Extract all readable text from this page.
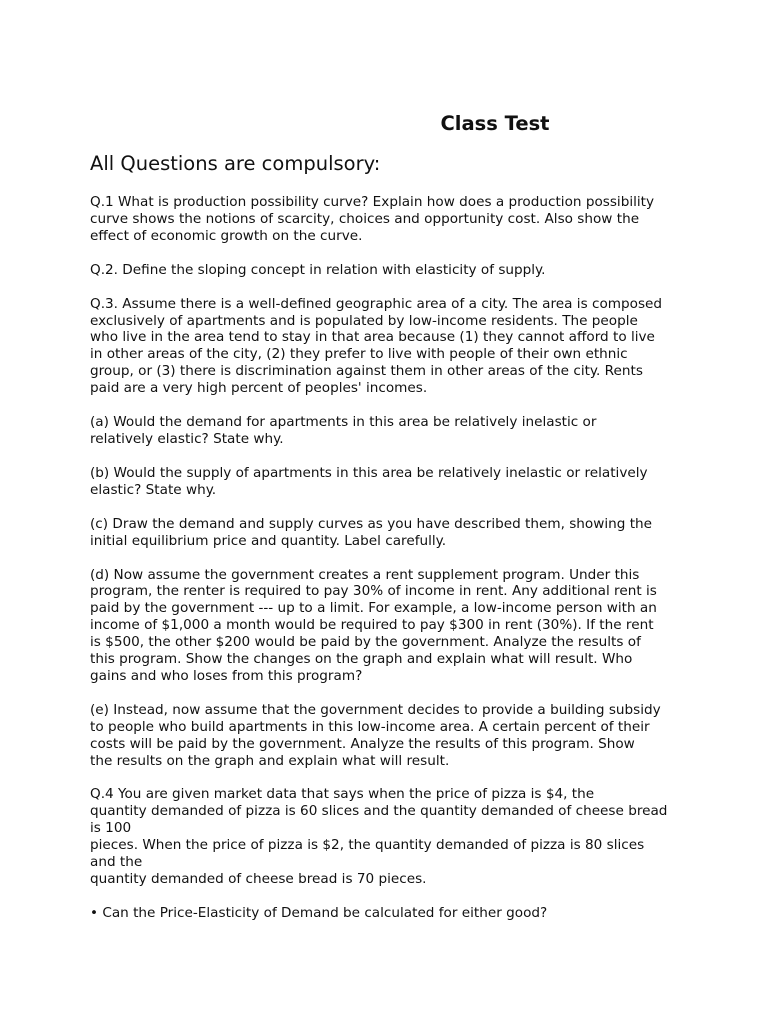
Class Test
All Questions are compulsory:

Q.1 What is production possibility curve? Explain how does a production possibility
curve shows the notions of scarcity, choices and opportunity cost. Also show the
effect of economic growth on the curve.

Q.2. Define the sloping concept in relation with elasticity of supply.

Q.3. Assume there is a well-defined geographic area of a city. The area is composed
exclusively of apartments and is populated by low-income residents. The people
who live in the area tend to stay in that area because (1) they cannot afford to live
in other areas of the city, (2) they prefer to live with people of their own ethnic
group, or (3) there is discrimination against them in other areas of the city. Rents
paid are a very high percent of peoples' incomes.

(a) Would the demand for apartments in this area be relatively inelastic or
relatively elastic? State why.

(b) Would the supply of apartments in this area be relatively inelastic or relatively
elastic? State why.

(c) Draw the demand and supply curves as you have described them, showing the
initial equilibrium price and quantity. Label carefully.

(d) Now assume the government creates a rent supplement program. Under this
program, the renter is required to pay 30% of income in rent. Any additional rent is
paid by the government --- up to a limit. For example, a low-income person with an
income of $1,000 a month would be required to pay $300 in rent (30%). If the rent
is $500, the other $200 would be paid by the government. Analyze the results of
this program. Show the changes on the graph and explain what will result. Who
gains and who loses from this program?

(e) Instead, now assume that the government decides to provide a building subsidy
to people who build apartments in this low-income area. A certain percent of their
costs will be paid by the government. Analyze the results of this program. Show
the results on the graph and explain what will result.

Q.4 You are given market data that says when the price of pizza is $4, the
quantity demanded of pizza is 60 slices and the quantity demanded of cheese bread
is 100
pieces. When the price of pizza is $2, the quantity demanded of pizza is 80 slices
and the
quantity demanded of cheese bread is 70 pieces.

• Can the Price-Elasticity of Demand be calculated for either good?
